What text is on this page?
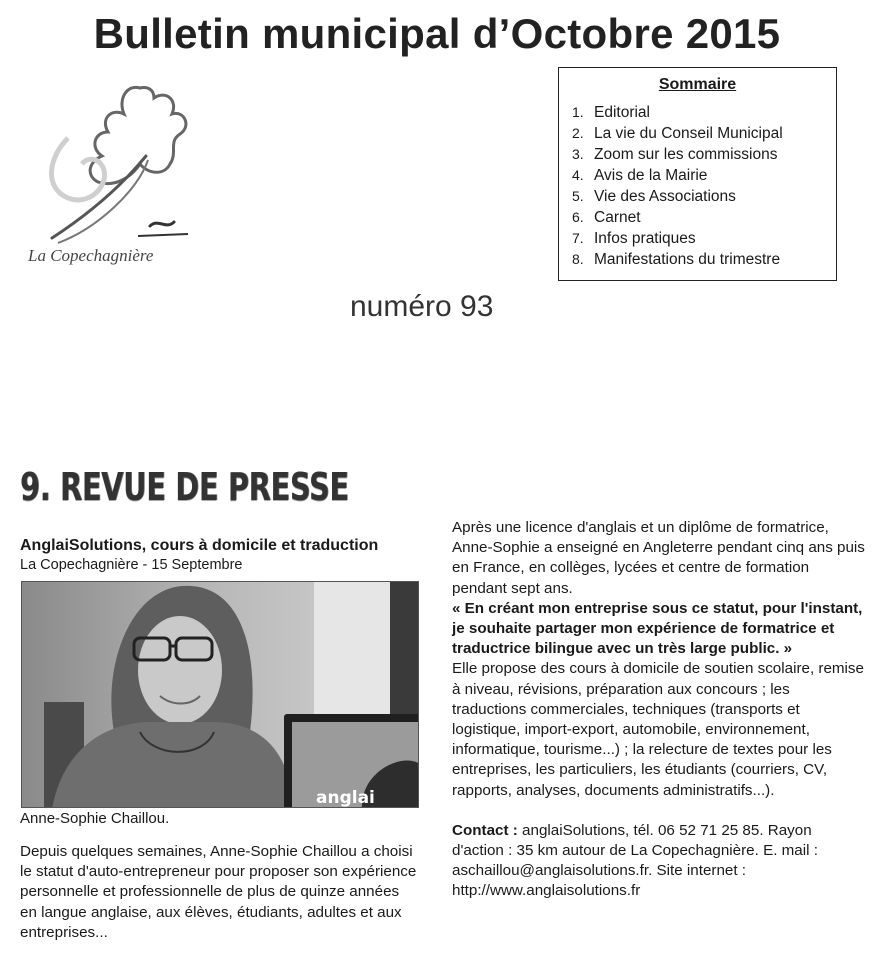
Bulletin municipal d’Octobre 2015
La Copechagnière
Sommaire
1. Editorial
2. La vie du Conseil Municipal
3. Zoom sur les commissions
4. Avis de la Mairie
5. Vie des Associations
6. Carnet
7. Infos pratiques
8. Manifestations du trimestre
numéro 93
9. REVUE DE PRESSE
AnglaiSolutions, cours à domicile et traduction
La Copechagnière - 15 Septembre
anglai
Anne-Sophie Chaillou.
Depuis quelques semaines, Anne-Sophie Chaillou a choisi le statut d'auto-entrepreneur pour proposer son expérience personnelle et professionnelle de plus de quinze années en langue anglaise, aux élèves, étudiants, adultes et aux entreprises...

Après une licence d'anglais et un diplôme de formatrice, Anne-Sophie a enseigné en Angleterre pendant cinq ans puis en France, en collèges, lycées et centre de formation pendant sept ans.

« En créant mon entreprise sous ce statut, pour l'instant, je souhaite partager mon expérience de formatrice et traductrice bilingue avec un très large public. »

Elle propose des cours à domicile de soutien scolaire, remise à niveau, révisions, préparation aux concours ; les traductions commerciales, techniques (transports et logistique, import-export, automobile, environnement, informatique, tourisme...) ; la relecture de textes pour les entreprises, les particuliers, les étudiants (courriers, CV, rapports, analyses, documents administratifs...).

Contact : anglaiSolutions, tél. 06 52 71 25 85. Rayon d'action : 35 km autour de La Copechagnière. E. mail : aschaillou@anglaisolutions.fr. Site internet : http://www.anglaisolutions.fr
